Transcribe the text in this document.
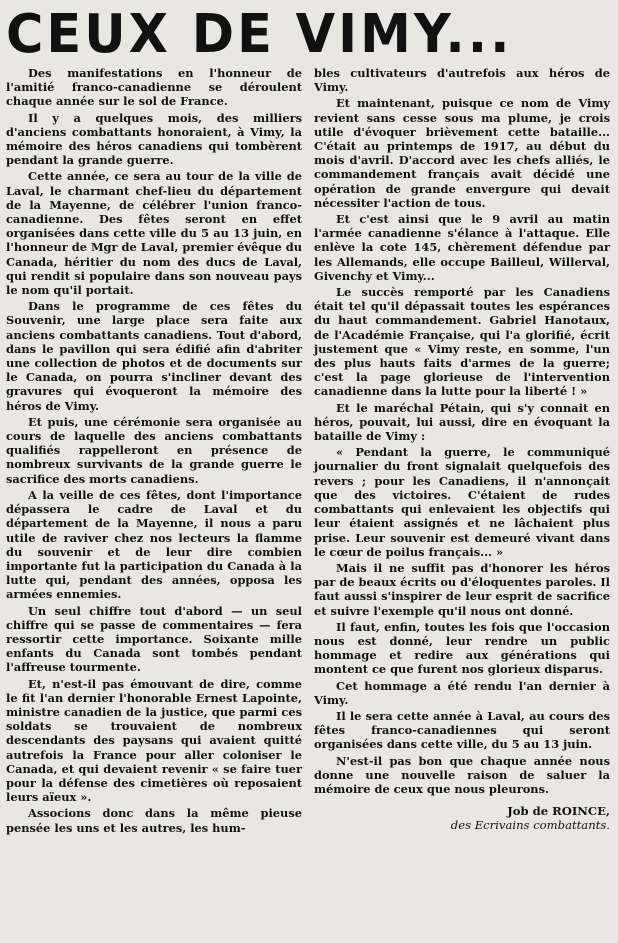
CEUX DE VIMY...

Des manifestations en l'honneur de l'amitié franco-canadienne se déroulent chaque année sur le sol de France.

Il y a quelques mois, des milliers d'anciens combattants honoraient, à Vimy, la mémoire des héros canadiens qui tombèrent pendant la grande guerre.

Cette année, ce sera au tour de la ville de Laval, le charmant chef-lieu du département de la Mayenne, de célébrer l'union franco-canadienne. Des fêtes seront en effet organisées dans cette ville du 5 au 13 juin, en l'honneur de Mgr de Laval, premier évêque du Canada, héritier du nom des ducs de Laval, qui rendit si populaire dans son nouveau pays le nom qu'il portait.

Dans le programme de ces fêtes du Souvenir, une large place sera faite aux anciens combattants canadiens. Tout d'abord, dans le pavillon qui sera édifié afin d'abriter une collection de photos et de documents sur le Canada, on pourra s'incliner devant des gravures qui évoqueront la mémoire des héros de Vimy.

Et puis, une cérémonie sera organisée au cours de laquelle des anciens combattants qualifiés rappelleront en présence de nombreux survivants de la grande guerre le sacrifice des morts canadiens.

A la veille de ces fêtes, dont l'importance dépassera le cadre de Laval et du département de la Mayenne, il nous a paru utile de raviver chez nos lecteurs la flamme du souvenir et de leur dire combien importante fut la participation du Canada à la lutte qui, pendant des années, opposa les armées ennemies.

Un seul chiffre tout d'abord — un seul chiffre qui se passe de commentaires — fera ressortir cette importance. Soixante mille enfants du Canada sont tombés pendant l'affreuse tourmente.

Et, n'est-il pas émouvant de dire, comme le fit l'an dernier l'honorable Ernest Lapointe, ministre canadien de la justice, que parmi ces soldats se trouvaient de nombreux descendants des paysans qui avaient quitté autrefois la France pour aller coloniser le Canada, et qui devaient revenir « se faire tuer pour la défense des cimetières où reposaient leurs aïeux ».

Associons donc dans la même pieuse pensée les uns et les autres, les hum-

bles cultivateurs d'autrefois aux héros de Vimy.

Et maintenant, puisque ce nom de Vimy revient sans cesse sous ma plume, je crois utile d'évoquer brièvement cette bataille... C'était au printemps de 1917, au début du mois d'avril. D'accord avec les chefs alliés, le commandement français avait décidé une opération de grande envergure qui devait nécessiter l'action de tous.

Et c'est ainsi que le 9 avril au matin l'armée canadienne s'élance à l'attaque. Elle enlève la cote 145, chèrement défendue par les Allemands, elle occupe Bailleul, Willerval, Givenchy et Vimy...

Le succès remporté par les Canadiens était tel qu'il dépassait toutes les espérances du haut commandement. Gabriel Hanotaux, de l'Académie Française, qui l'a glorifié, écrit justement que « Vimy reste, en somme, l'un des plus hauts faits d'armes de la guerre; c'est la page glorieuse de l'intervention canadienne dans la lutte pour la liberté ! »

Et le maréchal Pétain, qui s'y connait en héros, pouvait, lui aussi, dire en évoquant la bataille de Vimy :

« Pendant la guerre, le communiqué journalier du front signalait quelquefois des revers ; pour les Canadiens, il n'annonçait que des victoires. C'étaient de rudes combattants qui enlevaient les objectifs qui leur étaient assignés et ne lâchaient plus prise. Leur souvenir est demeuré vivant dans le cœur de poilus français... »

Mais il ne suffit pas d'honorer les héros par de beaux écrits ou d'éloquentes paroles. Il faut aussi s'inspirer de leur esprit de sacrifice et suivre l'exemple qu'il nous ont donné.

Il faut, enfin, toutes les fois que l'occasion nous est donné, leur rendre un public hommage et redire aux générations qui montent ce que furent nos glorieux disparus.

Cet hommage a été rendu l'an dernier à Vimy.

Il le sera cette année à Laval, au cours des fêtes franco-canadiennes qui seront organisées dans cette ville, du 5 au 13 juin.

N'est-il pas bon que chaque année nous donne une nouvelle raison de saluer la mémoire de ceux que nous pleurons.

Job de ROINCE,
des Ecrivains combattants.
